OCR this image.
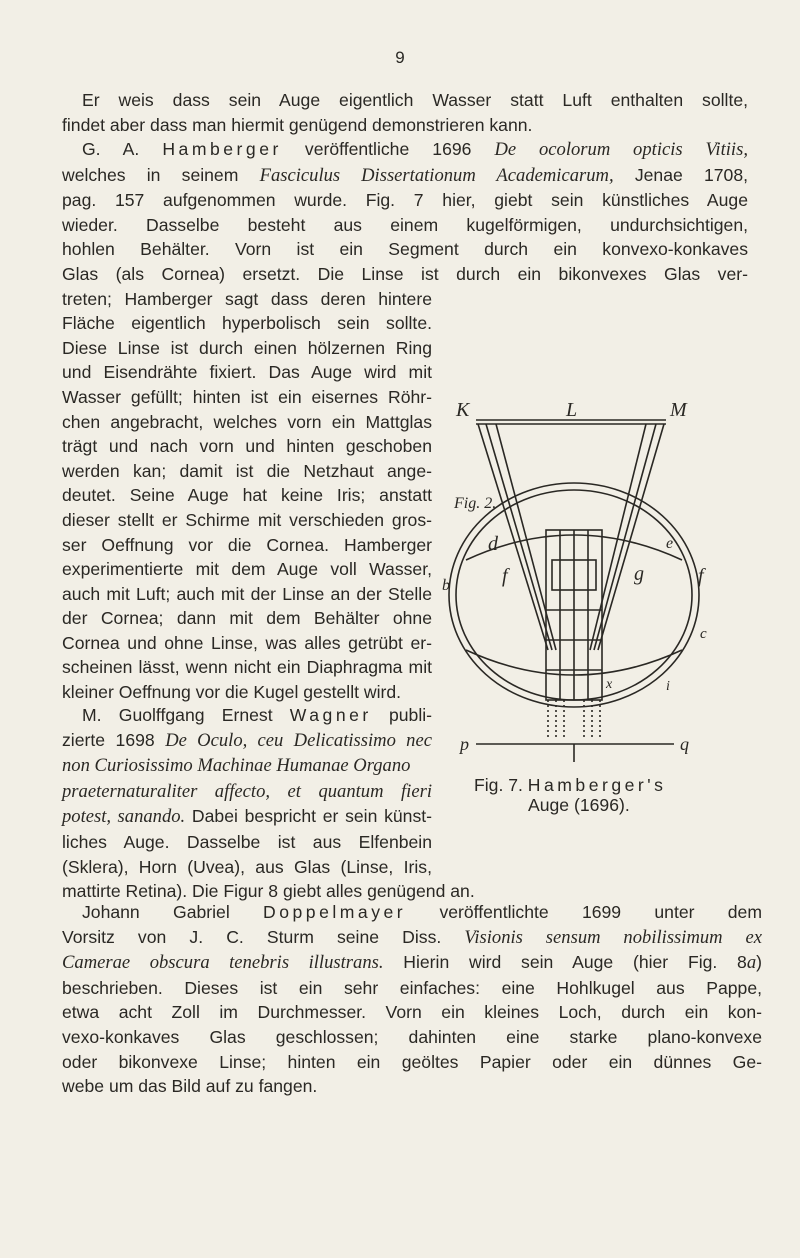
9
Er weis dass sein Auge eigentlich Wasser statt Luft enthalten sollte,
findet aber dass man hiermit genügend demonstrieren kann.
G. A. Hamberger veröffentliche 1696 De ocolorum opticis Vitiis,
welches in seinem Fasciculus Dissertationum Academicarum, Jenae 1708,
pag. 157 aufgenommen wurde. Fig. 7 hier, giebt sein künstliches Auge
wieder. Dasselbe besteht aus einem kugelförmigen, undurchsichtigen,
hohlen Behälter. Vorn ist ein Segment durch ein konvexo-konkaves
Glas (als Cornea) ersetzt. Die Linse ist durch ein bikonvexes Glas ver-
treten; Hamberger sagt dass deren hintere
Fläche eigentlich hyperbolisch sein sollte.
Diese Linse ist durch einen hölzernen Ring
und Eisendrähte fixiert. Das Auge wird mit
Wasser gefüllt; hinten ist ein eisernes Röhr-
chen angebracht, welches vorn ein Mattglas
trägt und nach vorn und hinten geschoben
werden kan; damit ist die Netzhaut ange-
deutet. Seine Auge hat keine Iris; anstatt
dieser stellt er Schirme mit verschieden gros-
ser Oeffnung vor die Cornea. Hamberger
experimentierte mit dem Auge voll Wasser,
auch mit Luft; auch mit der Linse an der Stelle
der Cornea; dann mit dem Behälter ohne
Cornea und ohne Linse, was alles getrübt er-
scheinen lässt, wenn nicht ein Diaphragma mit
kleiner Oeffnung vor die Kugel gestellt wird.
M. Guolffgang Ernest Wagner publi-
zierte 1698 De Oculo, ceu Delicatissimo nec
non Curiosissimo Machinae Humanae Organo
praeternaturaliter affecto, et quantum fieri
potest, sanando. Dabei bespricht er sein künst-
liches Auge. Dasselbe ist aus Elfenbein
(Sklera), Horn (Uvea), aus Glas (Linse, Iris,
mattirte Retina). Die Figur 8 giebt alles genügend an.
K	L	M
Fig. 2.
d	e
b	f	g	f
c
x	i
p	q
Fig. 7. Hamberger's
Auge (1696).
Johann Gabriel Doppelmayer veröffentlichte 1699 unter dem
Vorsitz von J. C. Sturm seine Diss. Visionis sensum nobilissimum ex
Camerae obscura tenebris illustrans. Hierin wird sein Auge (hier Fig. 8a)
beschrieben. Dieses ist ein sehr einfaches: eine Hohlkugel aus Pappe,
etwa acht Zoll im Durchmesser. Vorn ein kleines Loch, durch ein kon-
vexo-konkaves Glas geschlossen; dahinten eine starke plano-konvexe
oder bikonvexe Linse; hinten ein geöltes Papier oder ein dünnes Ge-
webe um das Bild auf zu fangen.
